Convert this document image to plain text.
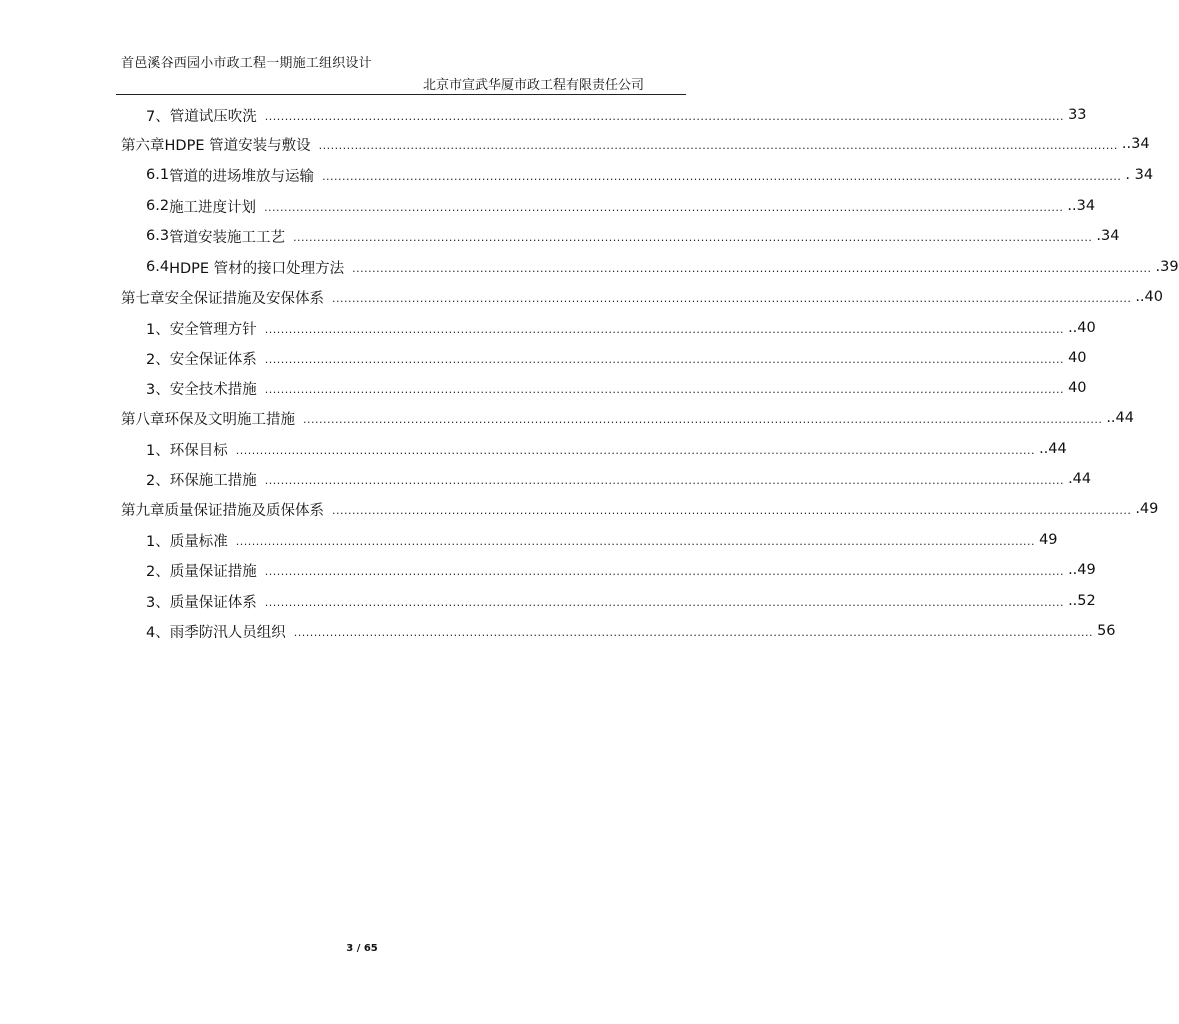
首邑溪谷西园小市政工程一期施工组织设计
北京市宣武华厦市政工程有限责任公司
7、 管道试压吹洗 ........................................................................................................................................................................................................ 33
第六章 HDPE 管道安装与敷设 ........................................................................................................................................................................................................ ..34
6.1 管道的进场堆放与运输 ........................................................................................................................................................................................................ . 34
6.2 施工进度计划 ........................................................................................................................................................................................................ ..34
6.3 管道安装施工工艺 ........................................................................................................................................................................................................ .34
6.4 HDPE 管材的接口处理方法 ........................................................................................................................................................................................................ .39
第七章 安全保证措施及安保体系 ........................................................................................................................................................................................................ ..40
1、 安全管理方针 ........................................................................................................................................................................................................ ..40
2、 安全保证体系 ........................................................................................................................................................................................................ 40
3、 安全技术措施 ........................................................................................................................................................................................................ 40
第八章 环保及文明施工措施 ........................................................................................................................................................................................................ ..44
1、 环保目标 ........................................................................................................................................................................................................ ..44
2、 环保施工措施 ........................................................................................................................................................................................................ .44
第九章 质量保证措施及质保体系 ........................................................................................................................................................................................................ .49
1、 质量标准 ........................................................................................................................................................................................................ 49
2、 质量保证措施 ........................................................................................................................................................................................................ ..49
3、 质量保证体系 ........................................................................................................................................................................................................ ..52
4、 雨季防汛人员组织 ........................................................................................................................................................................................................ 56
3 / 65
